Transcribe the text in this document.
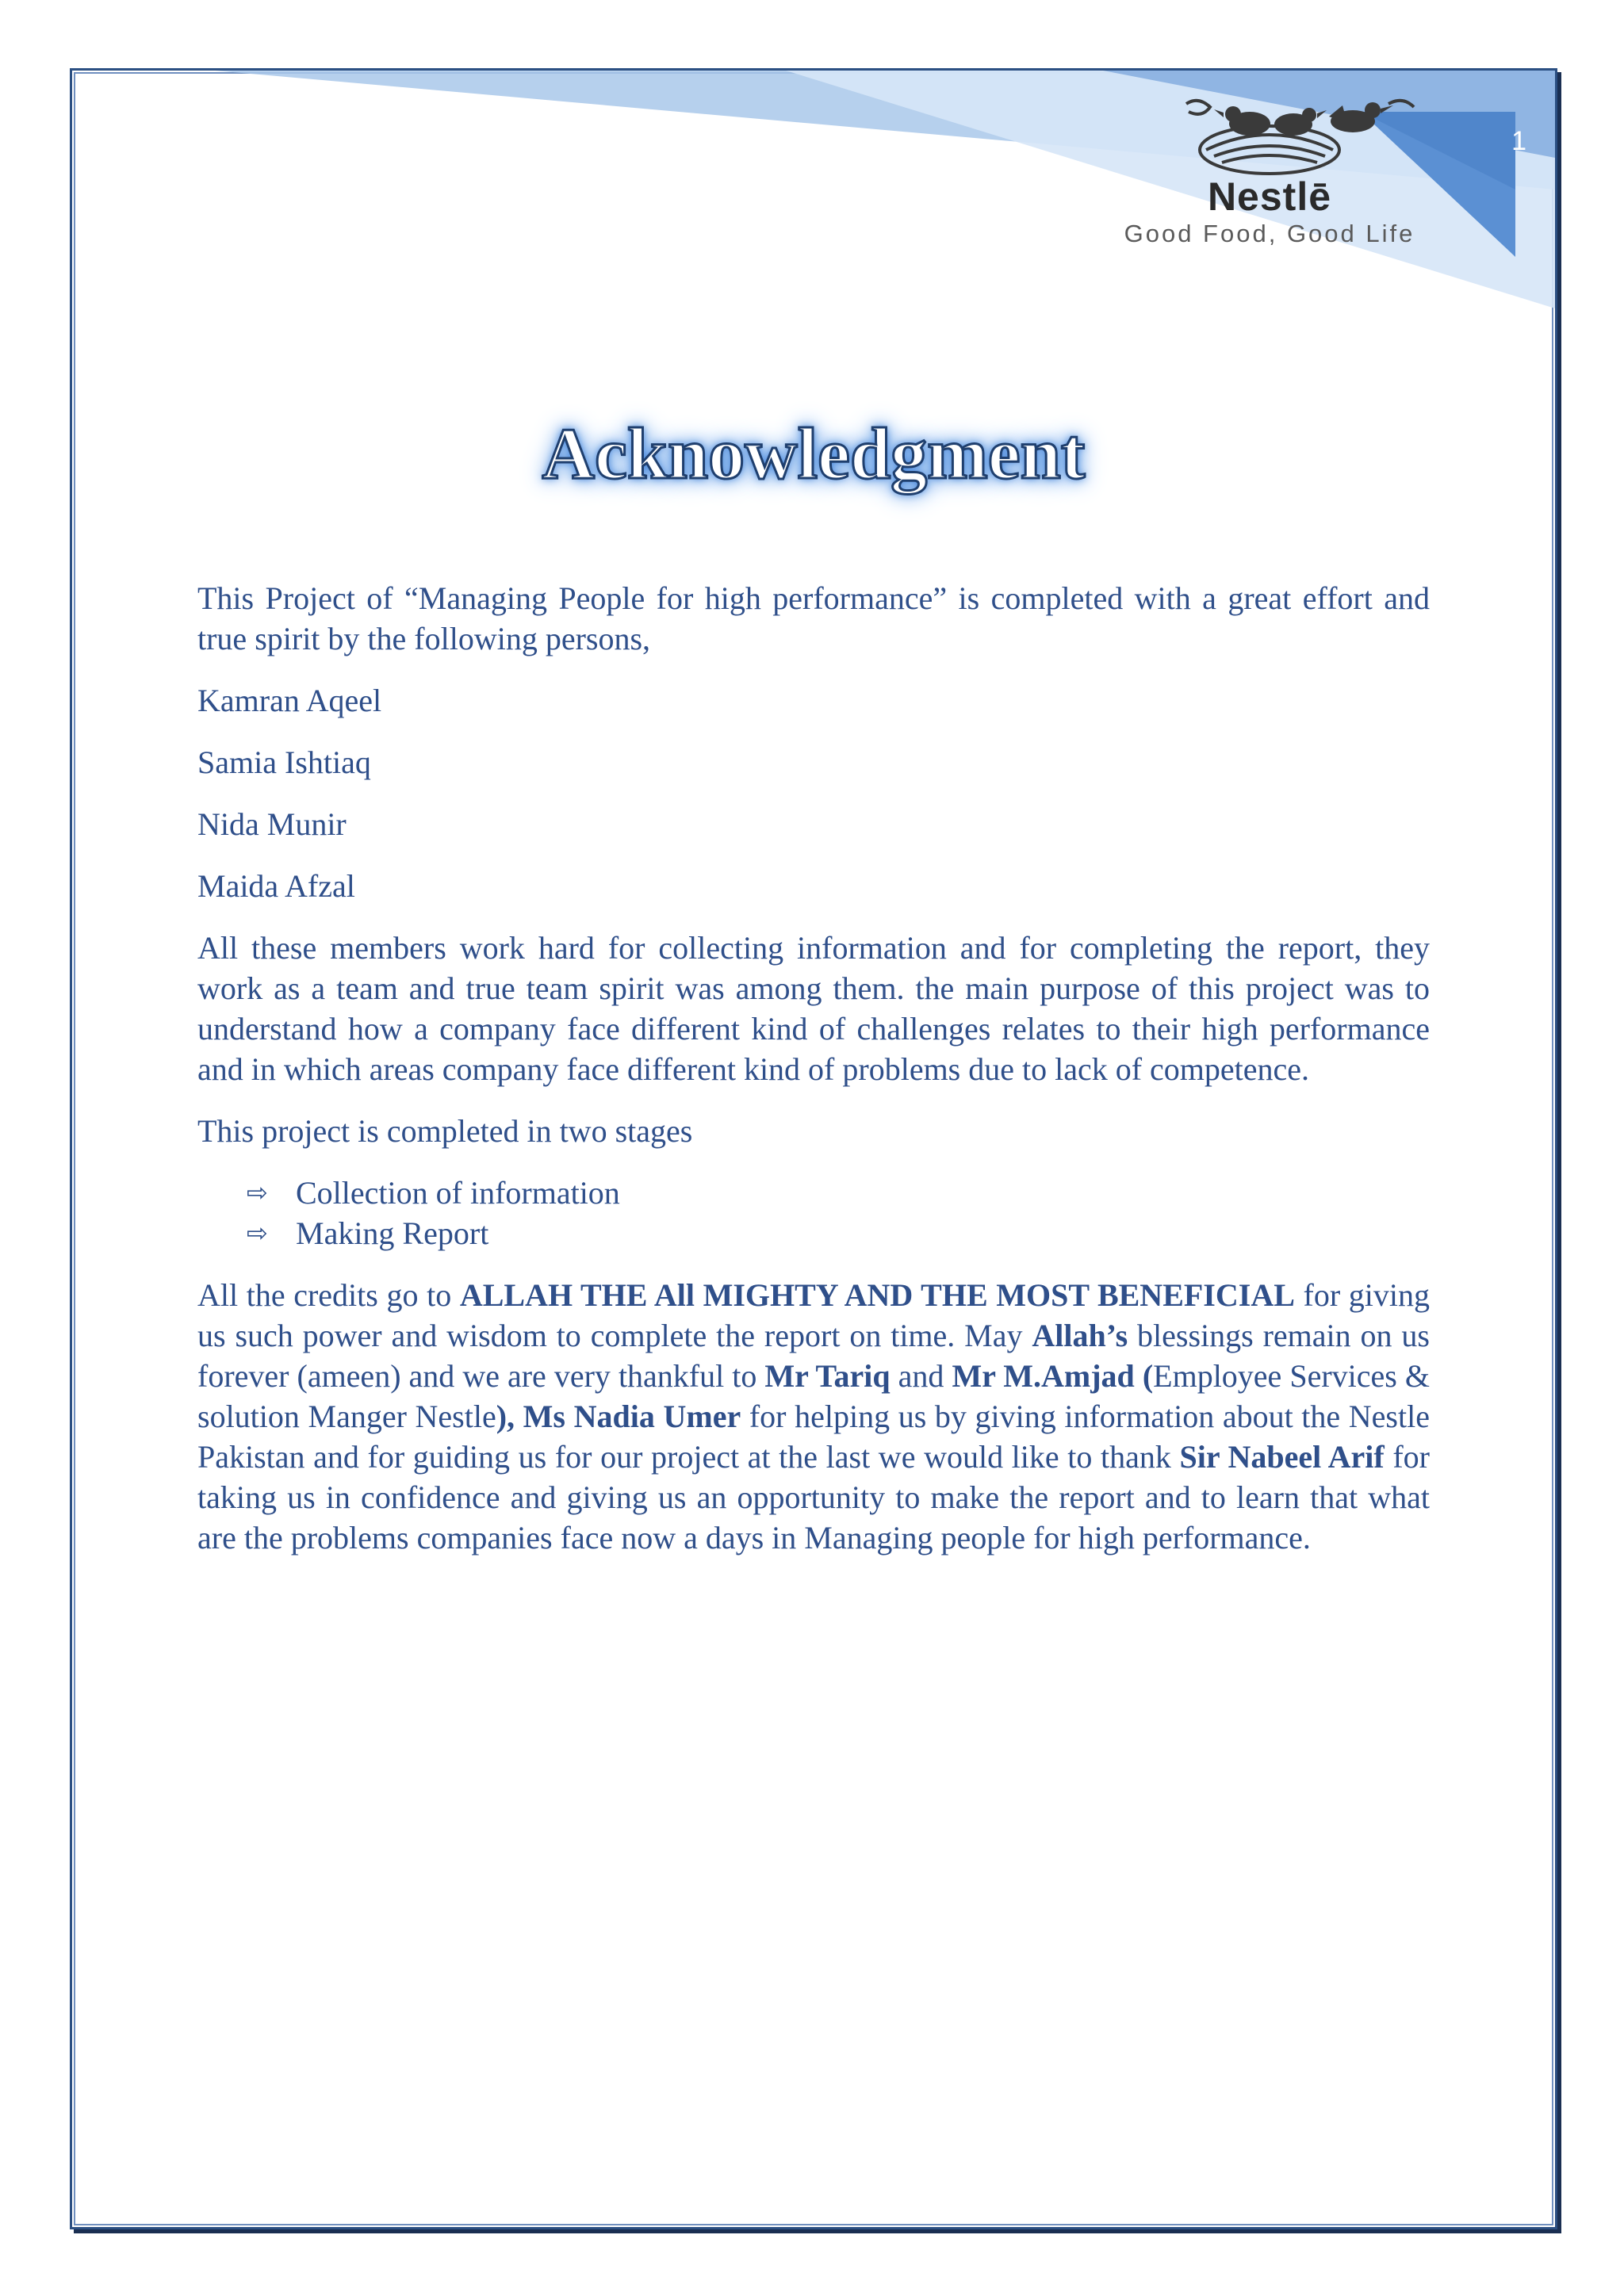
1
Nestlē
Good Food, Good Life
Acknowledgment

This Project of “Managing People for high performance” is completed with a great effort and true spirit by the following persons,

Kamran Aqeel

Samia Ishtiaq

Nida Munir

Maida Afzal

All these members work hard for collecting information and for completing the report, they work as a team and true team spirit was among them. the main purpose of this project was to understand how a company face different kind of challenges relates to their high performance and in which areas company face different kind of problems due to lack of competence.

This project is completed in two stages

⇨ Collection of information
⇨ Making Report

All the credits go to ALLAH THE All MIGHTY AND THE MOST BENEFICIAL for giving us such power and wisdom to complete the report on time. May Allah’s blessings remain on us forever (ameen) and we are very thankful to Mr Tariq and Mr M.Amjad (Employee Services & solution Manger Nestle), Ms Nadia Umer for helping us by giving information about the Nestle Pakistan and for guiding us for our project at the last we would like to thank Sir Nabeel Arif for taking us in confidence and giving us an opportunity to make the report and to learn that what are the problems companies face now a days in Managing people for high performance.
